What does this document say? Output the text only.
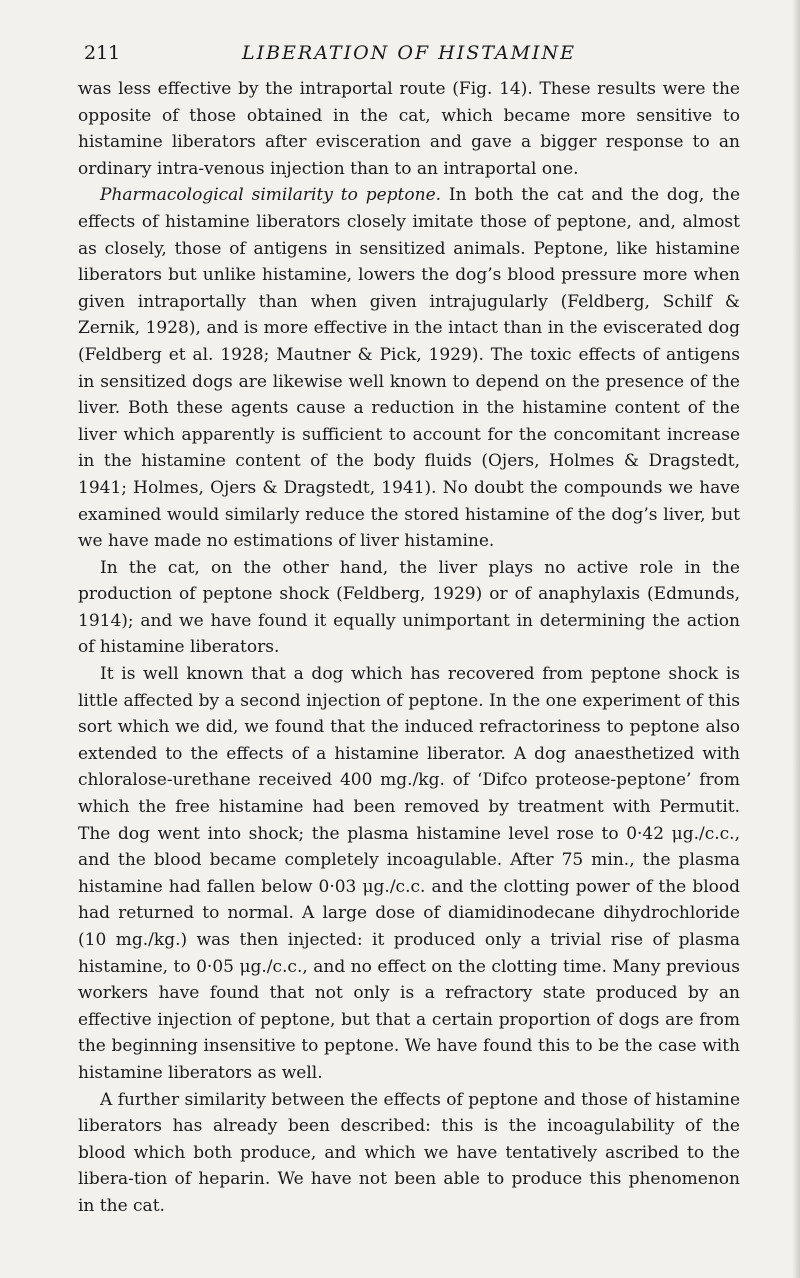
211	LIBERATION OF HISTAMINE

was less effective by the intraportal route (Fig. 14). These results were the opposite of those obtained in the cat, which became more sensitive to histamine liberators after evisceration and gave a bigger response to an ordinary intra-venous injection than to an intraportal one.

Pharmacological similarity to peptone. In both the cat and the dog, the effects of histamine liberators closely imitate those of peptone, and, almost as closely, those of antigens in sensitized animals. Peptone, like histamine liberators but unlike histamine, lowers the dog’s blood pressure more when given intraportally than when given intrajugularly (Feldberg, Schilf & Zernik, 1928), and is more effective in the intact than in the eviscerated dog (Feldberg et al. 1928; Mautner & Pick, 1929). The toxic effects of antigens in sensitized dogs are likewise well known to depend on the presence of the liver. Both these agents cause a reduction in the histamine content of the liver which apparently is sufficient to account for the concomitant increase in the histamine content of the body fluids (Ojers, Holmes & Dragstedt, 1941; Holmes, Ojers & Dragstedt, 1941). No doubt the compounds we have examined would similarly reduce the stored histamine of the dog’s liver, but we have made no estimations of liver histamine.

In the cat, on the other hand, the liver plays no active role in the production of peptone shock (Feldberg, 1929) or of anaphylaxis (Edmunds, 1914); and we have found it equally unimportant in determining the action of histamine liberators.

It is well known that a dog which has recovered from peptone shock is little affected by a second injection of peptone. In the one experiment of this sort which we did, we found that the induced refractoriness to peptone also extended to the effects of a histamine liberator. A dog anaesthetized with chloralose-urethane received 400 mg./kg. of ‘Difco proteose-peptone’ from which the free histamine had been removed by treatment with Permutit. The dog went into shock; the plasma histamine level rose to 0·42 μg./c.c., and the blood became completely incoagulable. After 75 min., the plasma histamine had fallen below 0·03 μg./c.c. and the clotting power of the blood had returned to normal. A large dose of diamidinodecane dihydrochloride (10 mg./kg.) was then injected: it produced only a trivial rise of plasma histamine, to 0·05 μg./c.c., and no effect on the clotting time. Many previous workers have found that not only is a refractory state produced by an effective injection of peptone, but that a certain proportion of dogs are from the beginning insensitive to peptone. We have found this to be the case with histamine liberators as well.

A further similarity between the effects of peptone and those of histamine liberators has already been described: this is the incoagulability of the blood which both produce, and which we have tentatively ascribed to the libera-tion of heparin. We have not been able to produce this phenomenon in the cat.
